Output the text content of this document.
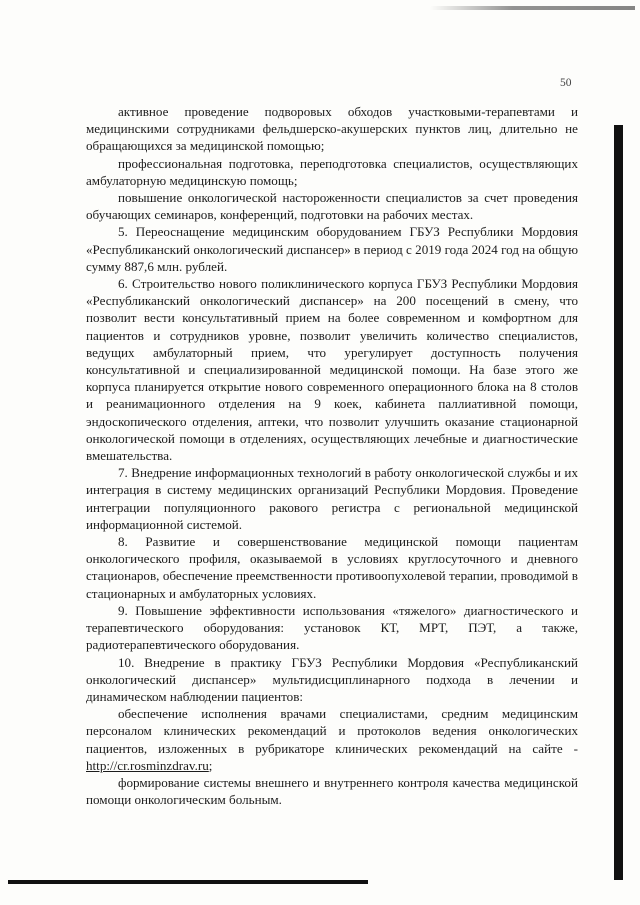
50

активное проведение подворовых обходов участковыми-терапевтами и медицинскими сотрудниками фельдшерско-акушерских пунктов лиц, длительно не обращающихся за медицинской помощью;

профессиональная подготовка, переподготовка специалистов, осуществляющих амбулаторную медицинскую помощь;

повышение онкологической настороженности специалистов за счет проведения обучающих семинаров, конференций, подготовки на рабочих местах.

5. Переоснащение медицинским оборудованием ГБУЗ Республики Мордовия «Республиканский онкологический диспансер» в период с 2019 года 2024 год на общую сумму 887,6 млн. рублей.

6. Строительство нового поликлинического корпуса ГБУЗ Республики Мордовия «Республиканский онкологический диспансер» на 200 посещений в смену, что позволит вести консультативный прием на более современном и комфортном для пациентов и сотрудников уровне, позволит увеличить количество специалистов, ведущих амбулаторный прием, что урегулирует доступность получения консультативной и специализированной медицинской помощи. На базе этого же корпуса планируется открытие нового современного операционного блока на 8 столов и реанимационного отделения на 9 коек, кабинета паллиативной помощи, эндоскопического отделения, аптеки, что позволит улучшить оказание стационарной онкологической помощи в отделениях, осуществляющих лечебные и диагностические вмешательства.

7. Внедрение информационных технологий в работу онкологической службы и их интеграция в систему медицинских организаций Республики Мордовия. Проведение интеграции популяционного ракового регистра с региональной медицинской информационной системой.

8. Развитие и совершенствование медицинской помощи пациентам онкологического профиля, оказываемой в условиях круглосуточного и дневного стационаров, обеспечение преемственности противоопухолевой терапии, проводимой в стационарных и амбулаторных условиях.

9. Повышение эффективности использования «тяжелого» диагностического и терапевтического оборудования: установок КТ, МРТ, ПЭТ, а также, радиотерапевтического оборудования.

10. Внедрение в практику ГБУЗ Республики Мордовия «Республиканский онкологический диспансер» мультидисциплинарного подхода в лечении и динамическом наблюдении пациентов:

обеспечение исполнения врачами специалистами, средним медицинским персоналом клинических рекомендаций и протоколов ведения онкологических пациентов, изложенных в рубрикаторе клинических рекомендаций на сайте - http://cr.rosminzdrav.ru;

формирование системы внешнего и внутреннего контроля качества медицинской помощи онкологическим больным.
